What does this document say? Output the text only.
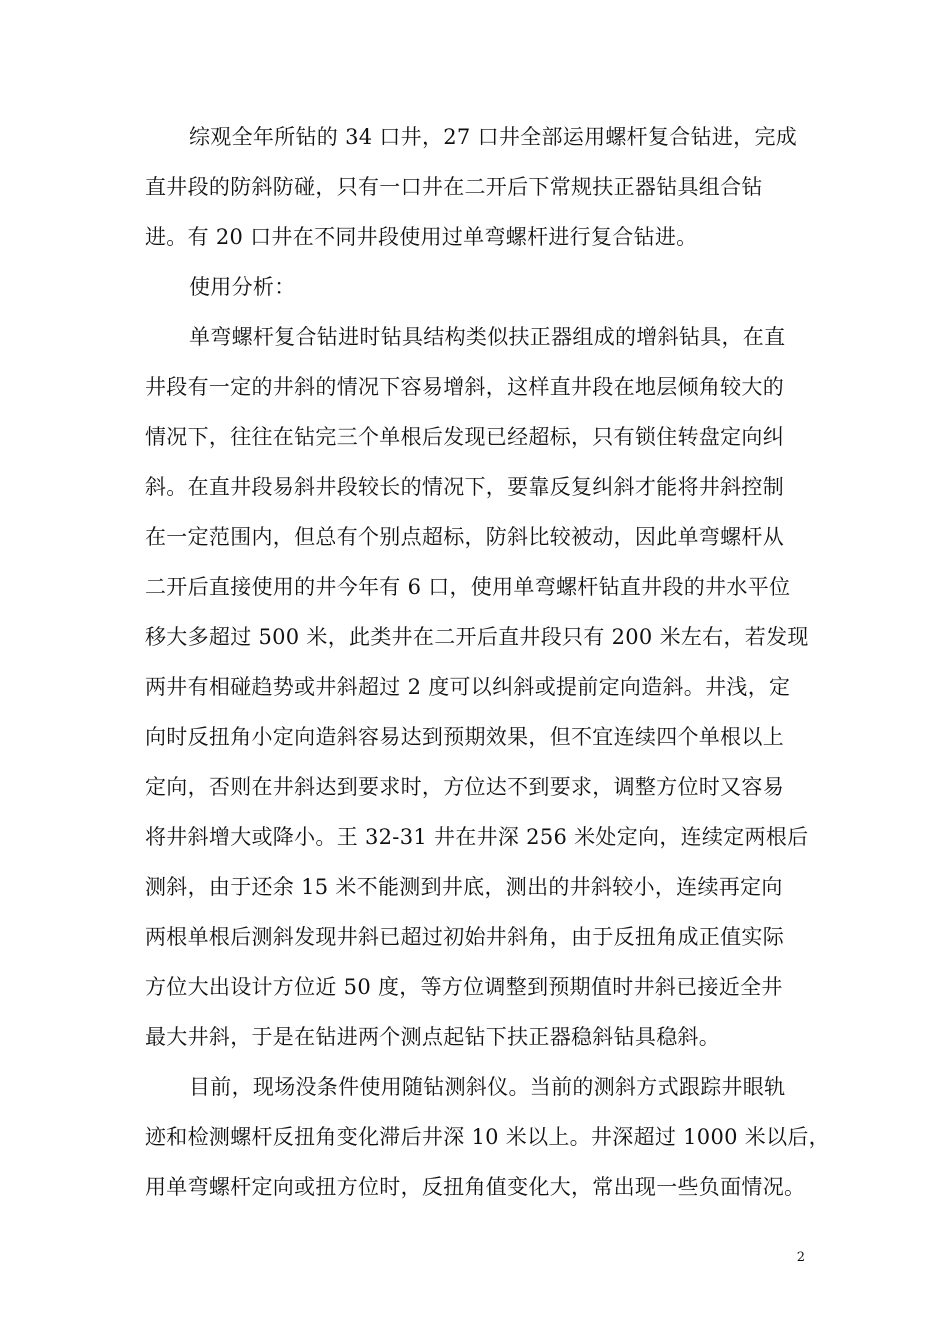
综观全年所钻的 34 口井，27 口井全部运用螺杆复合钻进，完成
直井段的防斜防碰，只有一口井在二开后下常规扶正器钻具组合钻
进。有 20 口井在不同井段使用过单弯螺杆进行复合钻进。
使用分析：
单弯螺杆复合钻进时钻具结构类似扶正器组成的增斜钻具，在直
井段有一定的井斜的情况下容易增斜，这样直井段在地层倾角较大的
情况下，往往在钻完三个单根后发现已经超标，只有锁住转盘定向纠
斜。在直井段易斜井段较长的情况下，要靠反复纠斜才能将井斜控制
在一定范围内，但总有个别点超标，防斜比较被动，因此单弯螺杆从
二开后直接使用的井今年有 6 口，使用单弯螺杆钻直井段的井水平位
移大多超过 500 米，此类井在二开后直井段只有 200 米左右，若发现
两井有相碰趋势或井斜超过 2 度可以纠斜或提前定向造斜。井浅，定
向时反扭角小定向造斜容易达到预期效果，但不宜连续四个单根以上
定向，否则在井斜达到要求时，方位达不到要求，调整方位时又容易
将井斜增大或降小。王 32-31 井在井深 256 米处定向，连续定两根后
测斜，由于还余 15 米不能测到井底，测出的井斜较小，连续再定向
两根单根后测斜发现井斜已超过初始井斜角，由于反扭角成正值实际
方位大出设计方位近 50 度，等方位调整到预期值时井斜已接近全井
最大井斜，于是在钻进两个测点起钻下扶正器稳斜钻具稳斜。
目前，现场没条件使用随钻测斜仪。当前的测斜方式跟踪井眼轨
迹和检测螺杆反扭角变化滞后井深 10 米以上。井深超过 1000 米以后，
用单弯螺杆定向或扭方位时，反扭角值变化大，常出现一些负面情况。
2
